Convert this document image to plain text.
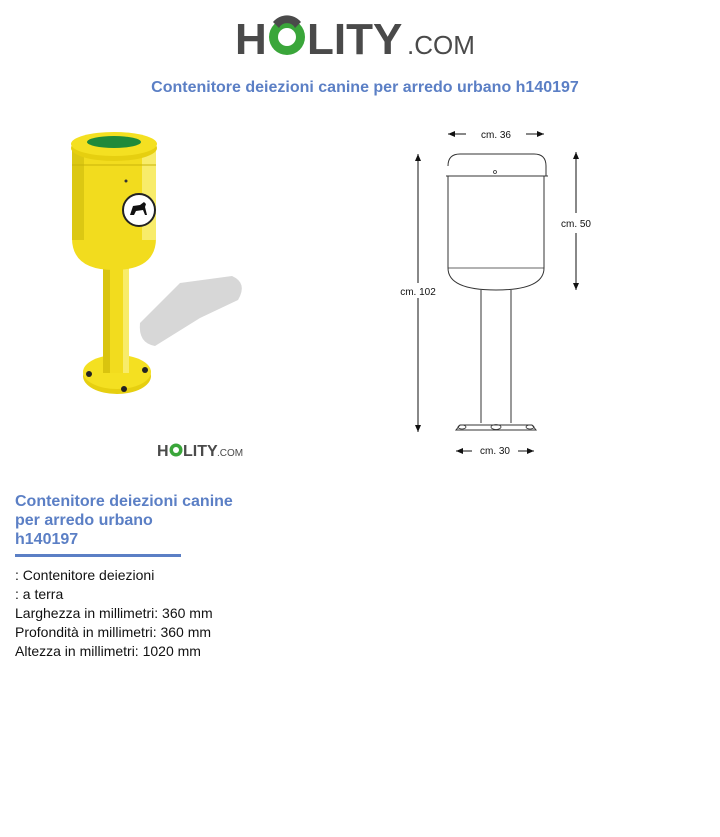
H LITY .COM
Contenitore deiezioni canine per arredo urbano h140197
H LITY .COM
cm. 36
cm. 102
cm. 50
cm. 30
Contenitore deiezioni canine
per arredo urbano
h140197
: Contenitore deiezioni
: a terra
Larghezza in millimetri: 360 mm
Profondità in millimetri: 360 mm
Altezza in millimetri: 1020 mm
